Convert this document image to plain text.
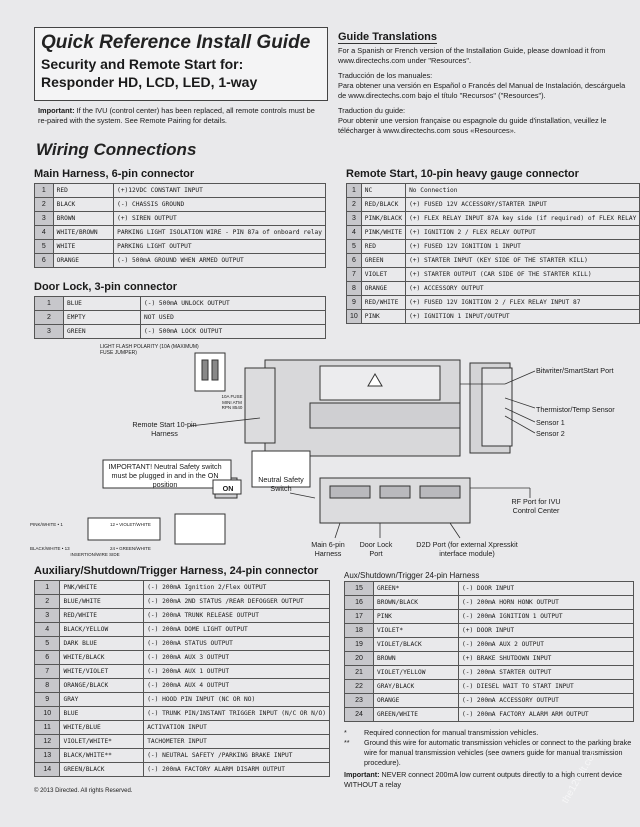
Quick Reference Install Guide
Security and Remote Start for:
Responder HD, LCD, LED, 1-way
Important: If the IVU (control center) has been replaced, all remote controls must be re-paired with the system. See Remote Pairing for details.
Guide Translations
For a Spanish or French version of the Installation Guide, please download it from www.directechs.com under "Resources".
Traducción de los manuales:
Para obtener una versión en Español o Francés del Manual de Instalación, descárguela de www.directechs.com bajo el título "Recursos" ("Resources").
Traduction du guide:
Pour obtenir une version française ou espagnole du guide d'installation, veuillez le télécharger à www.directechs.com sous «Resources».
Wiring Connections
Main Harness, 6-pin connector
1	RED	(+)12VDC CONSTANT INPUT
2	BLACK	(-) CHASSIS GROUND
3	BROWN	(+) SIREN OUTPUT
4	WHITE/BROWN	PARKING LIGHT ISOLATION WIRE - PIN 87a of onboard relay
5	WHITE	PARKING LIGHT OUTPUT
6	ORANGE	(-) 500mA GROUND WHEN ARMED OUTPUT
Door Lock, 3-pin connector
1	BLUE	(-) 500mA UNLOCK OUTPUT
2	EMPTY	NOT USED
3	GREEN	(-) 500mA LOCK OUTPUT
Remote Start, 10-pin heavy gauge connector
1	NC	No Connection
2	RED/BLACK	(+) FUSED 12V ACCESSORY/STARTER INPUT
3	PINK/BLACK	(+) FLEX RELAY INPUT 87A key side (if required) of FLEX RELAY
4	PINK/WHITE	(+) IGNITION 2 / FLEX RELAY OUTPUT
5	RED	(+) FUSED 12V IGNITION 1 INPUT
6	GREEN	(+) STARTER INPUT (KEY SIDE OF THE STARTER KILL)
7	VIOLET	(+) STARTER OUTPUT (CAR SIDE OF THE STARTER KILL)
8	ORANGE	(+) ACCESSORY OUTPUT
9	RED/WHITE	(+) FUSED 12V IGNITION 2 / FLEX RELAY INPUT 87
10	PINK	(+) IGNITION 1 INPUT/OUTPUT
LIGHT FLASH POLARITY (10A (MAXIMUM) FUSE JUMPER)
10A FUSE MINI ATM RPN 8540
Remote Start 10-pin Harness
IMPORTANT! Neutral Safety switch must be plugged in and in the ON position	ON
Neutral Safety Switch
Bitwriter/SmartStart Port
Thermistor/Temp Sensor
Sensor 1
Sensor 2
RF Port for IVU Control Center
Main 6-pin Harness
Door Lock Port
D2D Port (for external Xpresskit interface module)
PINK/WHITE • 1	12 • VIOLET/WHITE
BLACK/WHITE • 13	24 • GREEN/WHITE
INSERTION/WIRE SIDE
Auxiliary/Shutdown/Trigger Harness, 24-pin connector
1	PNK/WHITE	(-) 200mA Ignition 2/Flex OUTPUT
2	BLUE/WHITE	(-) 200mA 2ND STATUS /REAR DEFOGGER OUTPUT
3	RED/WHITE	(-) 200mA TRUNK RELEASE OUTPUT
4	BLACK/YELLOW	(-) 200mA DOME LIGHT OUTPUT
5	DARK BLUE	(-) 200mA STATUS OUTPUT
6	WHITE/BLACK	(-) 200mA AUX 3 OUTPUT
7	WHITE/VIOLET	(-) 200mA AUX 1 OUTPUT
8	ORANGE/BLACK	(-) 200mA AUX 4 OUTPUT
9	GRAY	(-) HOOD PIN INPUT (NC OR NO)
10	BLUE	(-) TRUNK PIN/INSTANT TRIGGER INPUT (N/C OR N/O)
11	WHITE/BLUE	ACTIVATION INPUT
12	VIOLET/WHITE*	TACHOMETER INPUT
13	BLACK/WHITE**	(-) NEUTRAL SAFETY /PARKING BRAKE INPUT
14	GREEN/BLACK	(-) 200mA FACTORY ALARM DISARM OUTPUT
Aux/Shutdown/Trigger 24-pin Harness
15	GREEN*	(-) DOOR INPUT
16	BROWN/BLACK	(-) 200mA HORN HONK OUTPUT
17	PINK	(-) 200mA IGNITION 1 OUTPUT
18	VIOLET*	(+) DOOR INPUT
19	VIOLET/BLACK	(-) 200mA AUX 2 OUTPUT
20	BROWN	(+) BRAKE SHUTDOWN INPUT
21	VIOLET/YELLOW	(-) 200mA STARTER OUTPUT
22	GRAY/BLACK	(-) DIESEL WAIT TO START INPUT
23	ORANGE	(-) 200mA ACCESSORY OUTPUT
24	GREEN/WHITE	(-) 200mA FACTORY ALARM ARM OUTPUT
* Required connection for manual transmission vehicles.
** Ground this wire for automatic transmission vehicles or connect to the parking brake wire for manual transmission vehicles (see owners guide for manual transmission procedure).
Important: NEVER connect 200mA low current outputs directly to a high current device WITHOUT a relay
© 2013 Directed. All rights Reserved.	the12volt.com
